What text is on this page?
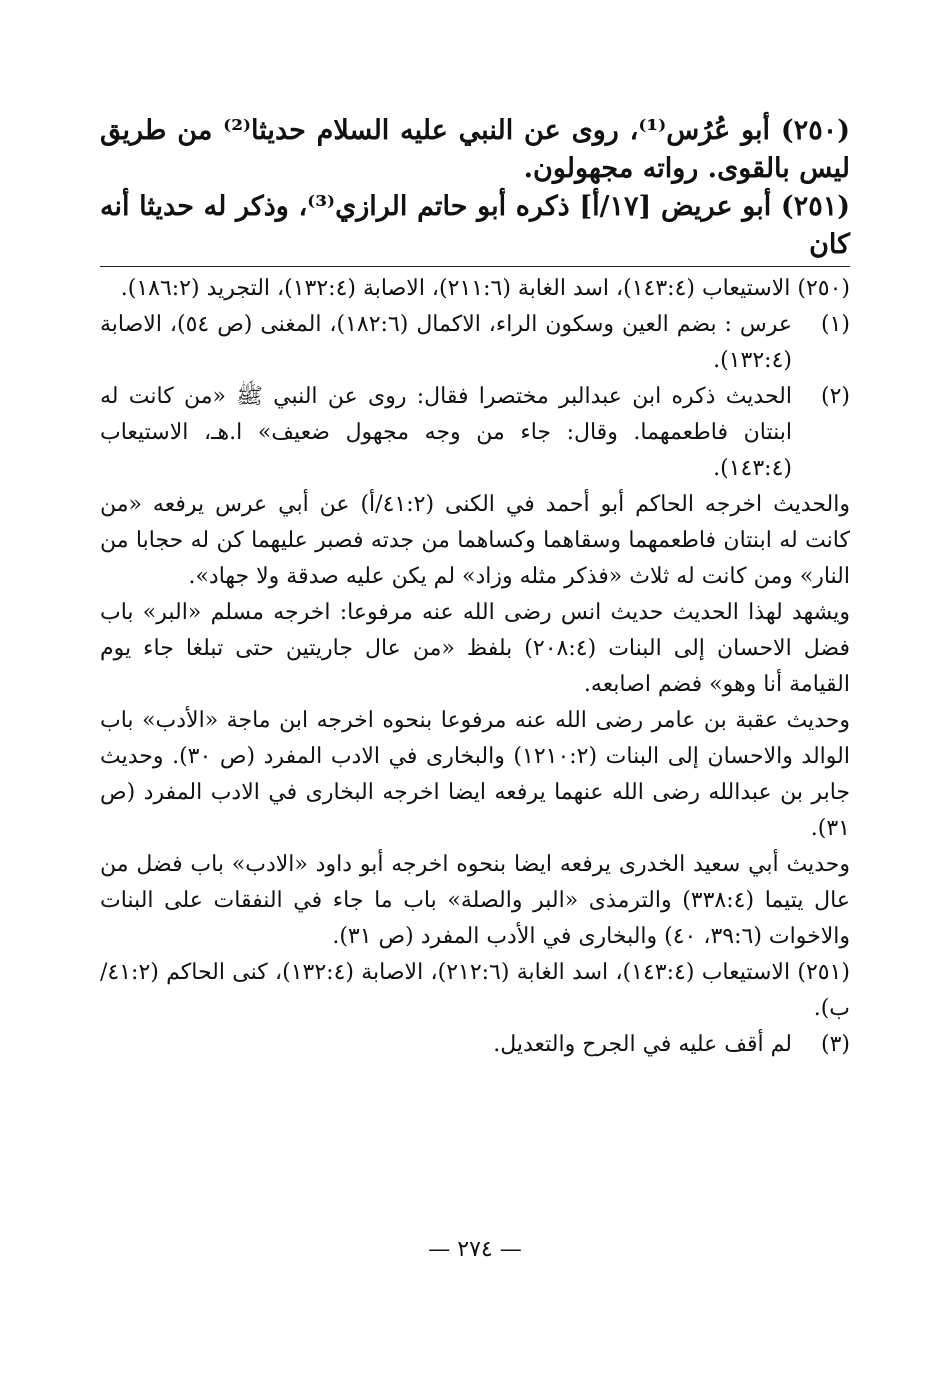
(٢٥٠) أبو عُرُس⁽¹⁾، روى عن النبي عليه السلام حديثا⁽²⁾ من طريق ليس بالقوى. رواته مجهولون.

(٢٥١) أبو عريض [١٧/أ] ذكره أبو حاتم الرازي⁽³⁾، وذكر له حديثا أنه كان

(٢٥٠) الاستيعاب (١٤٣:٤)، اسد الغابة (٢١١:٦)، الاصابة (١٣٢:٤)، التجريد (١٨٦:٢).

(١)
عرس : بضم العين وسكون الراء، الاكمال (١٨٢:٦)، المغنى (ص ٥٤)، الاصابة (١٣٢:٤).
(٢)
الحديث ذكره ابن عبدالبر مختصرا فقال: روى عن النبي ﷺ «من كانت له ابنتان فاطعمهما. وقال: جاء من وجه مجهول ضعيف» ا.هـ، الاستيعاب (١٤٣:٤).

والحديث اخرجه الحاكم أبو أحمد في الكنى (٤١:٢/أ) عن أبي عرس يرفعه «من كانت له ابنتان فاطعمهما وسقاهما وكساهما من جدته فصبر عليهما كن له حجابا من النار» ومن كانت له ثلاث «فذكر مثله وزاد» لم يكن عليه صدقة ولا جهاد».

ويشهد لهذا الحديث حديث انس رضى الله عنه مرفوعا: اخرجه مسلم «البر» باب فضل الاحسان إلى البنات (٢٠٨:٤) بلفظ «من عال جاريتين حتى تبلغا جاء يوم القيامة أنا وهو» فضم اصابعه.

وحديث عقبة بن عامر رضى الله عنه مرفوعا بنحوه اخرجه ابن ماجة «الأدب» باب الوالد والاحسان إلى البنات (١٢١٠:٢) والبخارى في الادب المفرد (ص ٣٠). وحديث جابر بن عبدالله رضى الله عنهما يرفعه ايضا اخرجه البخارى في الادب المفرد (ص ٣١).

وحديث أبي سعيد الخدرى يرفعه ايضا بنحوه اخرجه أبو داود «الادب» باب فضل من عال يتيما (٣٣٨:٤) والترمذى «البر والصلة» باب ما جاء في النفقات على البنات والاخوات (٣٩:٦، ٤٠) والبخارى في الأدب المفرد (ص ٣١).

(٢٥١) الاستيعاب (١٤٣:٤)، اسد الغابة (٢١٢:٦)، الاصابة (١٣٢:٤)، كنى الحاكم (٤١:٢/ب).

(٣)
لم أقف عليه في الجرح والتعديل.
— ٢٧٤ —
